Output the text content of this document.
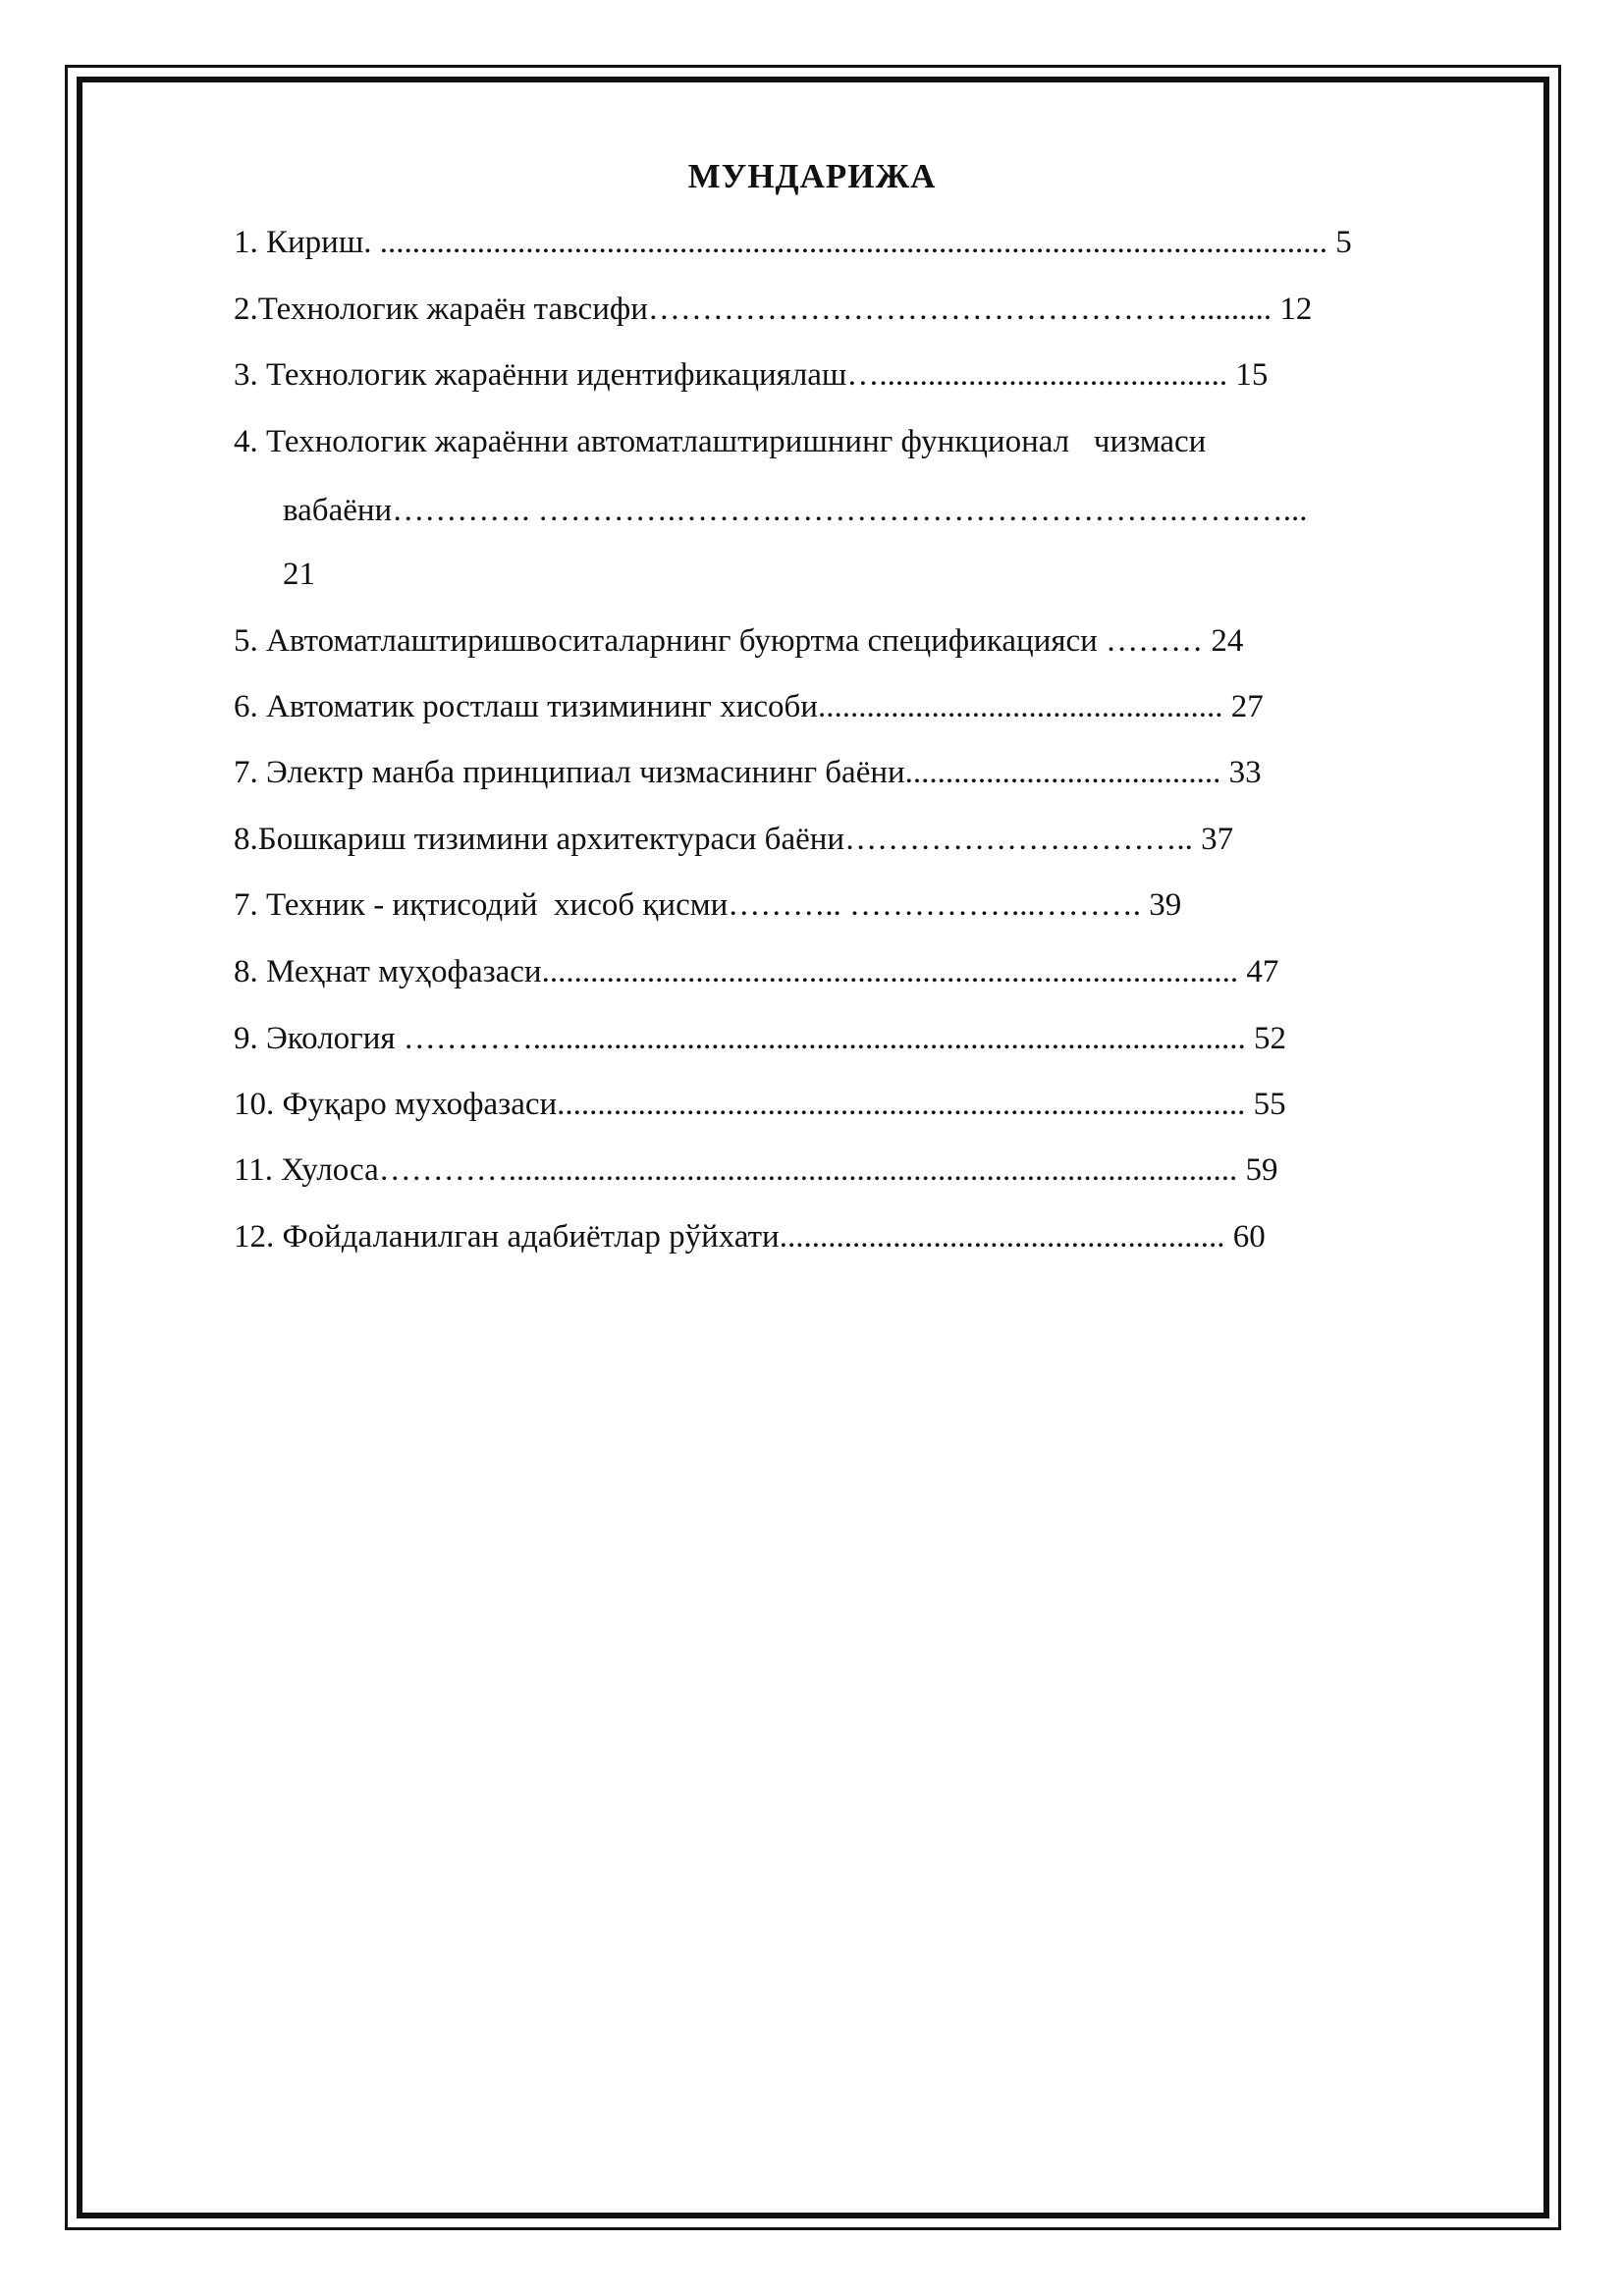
МУНДАРИЖА

1. Кириш. ..................................................................................................................... 5

2.Технологик жараён тавсифи……………………………………………......... 12

3. Технологик жараённи идентификациялаш…........................................... 15

4. Технологик жараённи автоматлаштиришнинг функционал   чизмаси

вабаёни…………. ………….……….……………………………….…….…...

21

5. Автоматлаштиришвоситаларнинг буюртма спецификацияси ……… 24

6. Автоматик ростлаш тизимининг хисоби.................................................. 27

7. Электр манба принципиал чизмасининг баёни....................................... 33

8.Бошкариш тизимини архитектураси баёни………………….……….. 37

7. Техник - иқтисодий  хисоб қисми……….. ……………...………. 39

8. Меҳнат муҳофазаси...................................................................................... 47

9. Экология …………........................................................................................ 52

10. Фуқаро мухофазаси..................................................................................... 55

11. Хулоса………….......................................................................................... 59

12. Фойдаланилган адабиётлар рўйхати....................................................... 60
